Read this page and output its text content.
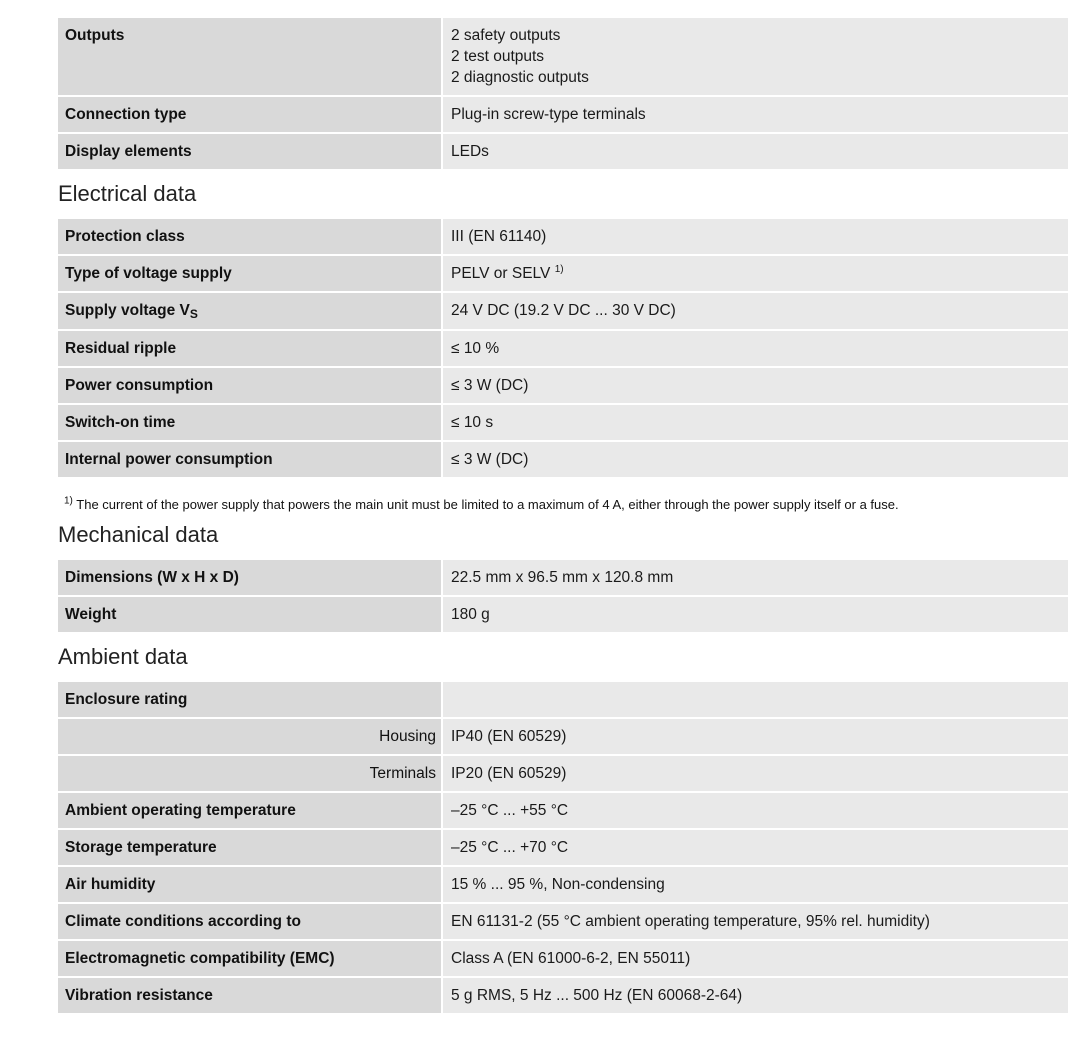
Outputs	2 safety outputs
2 test outputs
2 diagnostic outputs

Connection type	Plug-in screw-type terminals
Display elements	LEDs
Electrical data
Protection class	III (EN 61140)
Type of voltage supply	PELV or SELV $^{1)}$
Supply voltage VS	24 V DC (19.2 V DC ... 30 V DC)
Residual ripple	≤ 10 %
Power consumption	≤ 3 W (DC)
Switch-on time	≤ 10 s
Internal power consumption	≤ 3 W (DC)
$^{1)}$ The current of the power supply that powers the main unit must be limited to a maximum of 4 A, either through the power supply itself or a fuse.
Mechanical data
Dimensions (W x H x D)	22.5 mm x 96.5 mm x 120.8 mm
Weight	180 g
Ambient data
Enclosure rating	
Housing	IP40 (EN 60529)
Terminals	IP20 (EN 60529)
Ambient operating temperature	–25 °C ... +55 °C
Storage temperature	–25 °C ... +70 °C
Air humidity	15 % ... 95 %, Non-condensing
Climate conditions according to	EN 61131-2 (55 °C ambient operating temperature, 95% rel. humidity)
Electromagnetic compatibility (EMC)	Class A (EN 61000-6-2, EN 55011)
Vibration resistance	5 g RMS, 5 Hz ... 500 Hz (EN 60068-2-64)
